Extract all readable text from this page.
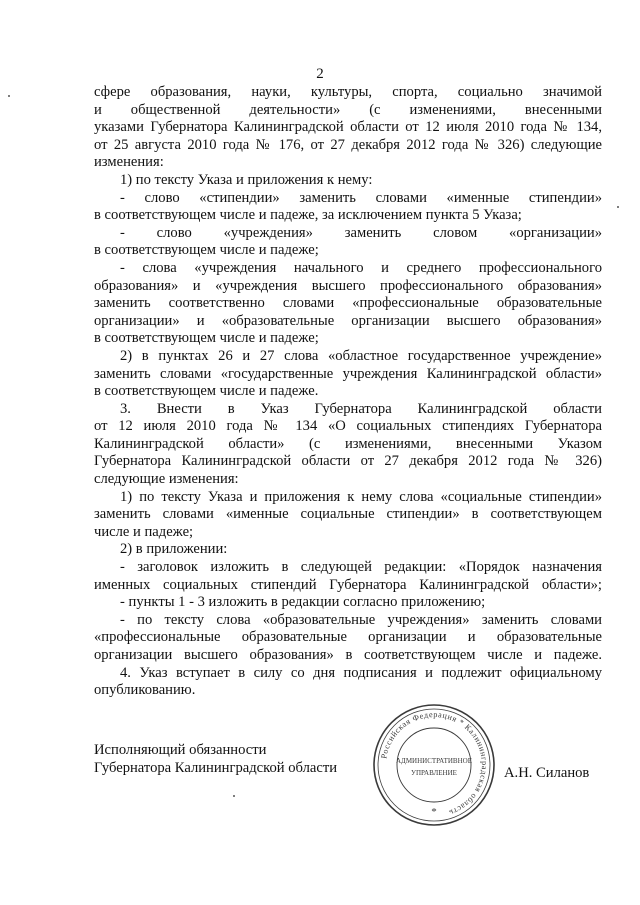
2
сфере образования, науки, культуры, спорта, социально значимой
и общественной деятельности» (с изменениями, внесенными
указами Губернатора Калининградской области от 12 июля 2010 года № 134,
от 25 августа 2010 года № 176, от 27 декабря 2012 года № 326) следующие
изменения:
1) по тексту Указа и приложения к нему:
- слово «стипендии» заменить словами «именные стипендии»
в соответствующем числе и падеже, за исключением пункта 5 Указа;
- слово «учреждения» заменить словом «организации»
в соответствующем числе и падеже;
- слова «учреждения начального и среднего профессионального
образования» и «учреждения высшего профессионального образования»
заменить соответственно словами «профессиональные образовательные
организации» и «образовательные организации высшего образования»
в соответствующем числе и падеже;
2) в пунктах 26 и 27 слова «областное государственное учреждение»
заменить словами «государственные учреждения Калининградской области»
в соответствующем числе и падеже.
3. Внести в Указ Губернатора Калининградской области
от 12 июля 2010 года № 134 «О социальных стипендиях Губернатора
Калининградской области» (с изменениями, внесенными Указом
Губернатора Калининградской области от 27 декабря 2012 года № 326)
следующие изменения:
1) по тексту Указа и приложения к нему слова «социальные стипендии»
заменить словами «именные социальные стипендии» в соответствующем
числе и падеже;
2) в приложении:
- заголовок изложить в следующей редакции: «Порядок назначения
именных социальных стипендий Губернатора Калининградской области»;
- пункты 1 - 3 изложить в редакции согласно приложению;
- по тексту слова «образовательные учреждения» заменить словами
«профессиональные образовательные организации и образовательные
организации высшего образования» в соответствующем числе и падеже.
4. Указ вступает в силу со дня подписания и подлежит официальному
опубликованию.
Исполняющий обязанности
Губернатора Калининградской области	А.Н. Силанов
Российская Федерация * Калининградская область
АДМИНИСТРАТИВНОЕ
УПРАВЛЕНИЕ
*
